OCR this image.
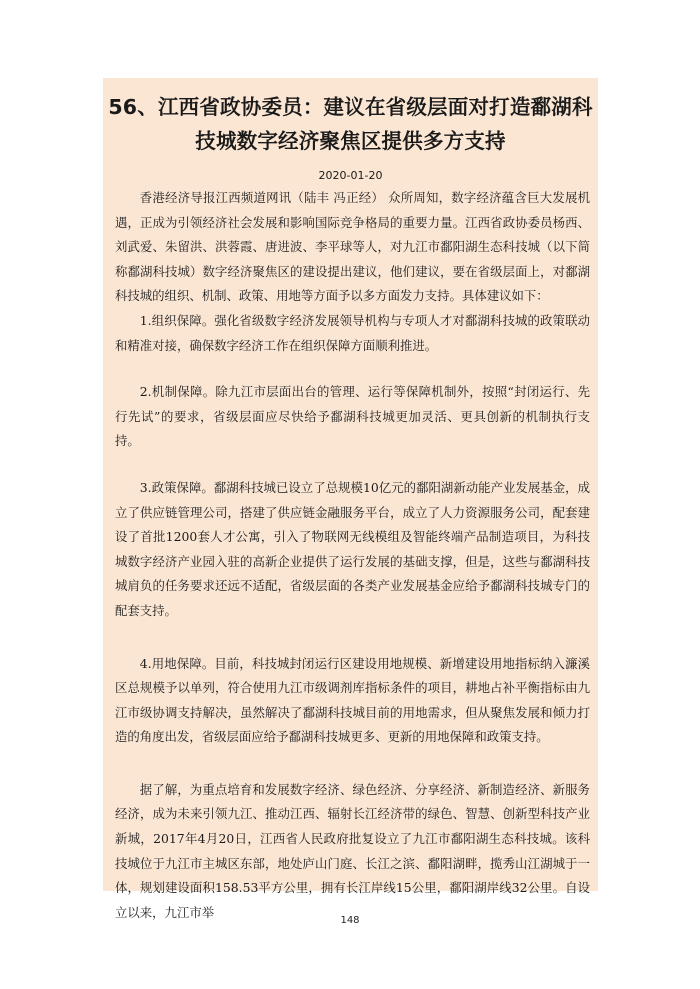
56、江西省政协委员：建议在省级层面对打造鄱湖科技城数字经济聚焦区提供多方支持
2020-01-20

香港经济导报江西频道网讯（陆丰 冯正经） 众所周知，数字经济蕴含巨大发展机遇，正成为引领经济社会发展和影响国际竞争格局的重要力量。江西省政协委员杨西、刘武爱、朱留洪、洪蓉霞、唐进波、李平球等人，对九江市鄱阳湖生态科技城（以下简称鄱湖科技城）数字经济聚焦区的建设提出建议，他们建议，要在省级层面上，对鄱湖科技城的组织、机制、政策、用地等方面予以多方面发力支持。具体建议如下：

1.组织保障。强化省级数字经济发展领导机构与专项人才对鄱湖科技城的政策联动和精准对接，确保数字经济工作在组织保障方面顺利推进。

2.机制保障。除九江市层面出台的管理、运行等保障机制外，按照“封闭运行、先行先试”的要求，省级层面应尽快给予鄱湖科技城更加灵活、更具创新的机制执行支持。

3.政策保障。鄱湖科技城已设立了总规模10亿元的鄱阳湖新动能产业发展基金，成立了供应链管理公司，搭建了供应链金融服务平台，成立了人力资源服务公司，配套建设了首批1200套人才公寓，引入了物联网无线模组及智能终端产品制造项目，为科技城数字经济产业园入驻的高新企业提供了运行发展的基础支撑，但是，这些与鄱湖科技城肩负的任务要求还远不适配，省级层面的各类产业发展基金应给予鄱湖科技城专门的配套支持。

4.用地保障。目前，科技城封闭运行区建设用地规模、新增建设用地指标纳入濂溪区总规模予以单列，符合使用九江市级调剂库指标条件的项目，耕地占补平衡指标由九江市级协调支持解决，虽然解决了鄱湖科技城目前的用地需求，但从聚焦发展和倾力打造的角度出发，省级层面应给予鄱湖科技城更多、更新的用地保障和政策支持。

据了解，为重点培育和发展数字经济、绿色经济、分享经济、新制造经济、新服务经济，成为未来引领九江、推动江西、辐射长江经济带的绿色、智慧、创新型科技产业新城，2017年4月20日，江西省人民政府批复设立了九江市鄱阳湖生态科技城。该科技城位于九江市主城区东部，地处庐山门庭、长江之滨、鄱阳湖畔，揽秀山江湖城于一体，规划建设面积158.53平方公里，拥有长江岸线15公里，鄱阳湖岸线32公里。自设立以来，九江市举

148
